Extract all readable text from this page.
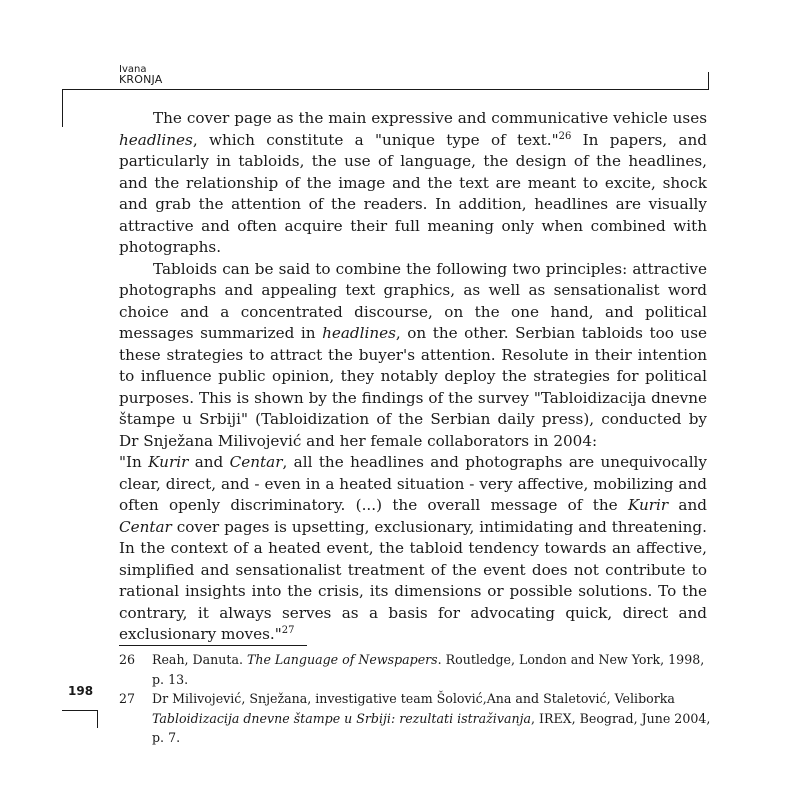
Ivana
KRONJA

The cover page as the main expressive and communicative vehicle uses headlines, which constitute a "unique type of text."$^{26}$ In papers, and particularly in tabloids, the use of language, the design of the headlines, and the relationship of the image and the text are meant to excite, shock and grab the attention of the readers. In addition, headlines are visually attractive and often acquire their full meaning only when combined with photographs.

Tabloids can be said to combine the following two principles: attractive photographs and appealing text graphics, as well as sensationalist word choice and a concentrated discourse, on the one hand, and political messages summarized in headlines, on the other. Serbian tabloids too use these strategies to attract the buyer's attention. Resolute in their intention to influence public opinion, they notably deploy the strategies for political purposes. This is shown by the findings of the survey "Tabloidizacija dnevne štampe u Srbiji" (Tabloidization of the Serbian daily press), conducted by Dr Snježana Milivojević and her female collaborators in 2004:

"In Kurir and Centar, all the headlines and photographs are unequivocally clear, direct, and - even in a heated situation - very affective, mobilizing and often openly discriminatory. (...) the overall message of the Kurir and Centar cover pages is upsetting, exclusionary, intimidating and threatening. In the context of a heated event, the tabloid tendency towards an affective, simplified and sensationalist treatment of the event does not contribute to rational insights into the crisis, its dimensions or possible solutions. To the contrary, it always serves as a basis for advocating quick, direct and exclusionary moves."$^{27}$

26	Reah, Danuta. The Language of Newspapers. Routledge, London and New York, 1998, p. 13.
27	Dr Milivojević, Snježana, investigative team Šolović,Ana and Staletović, Veliborka Tabloidizacija dnevne štampe u Srbiji: rezultati istraživanja, IREX, Beograd, June 2004, p. 7.
198
